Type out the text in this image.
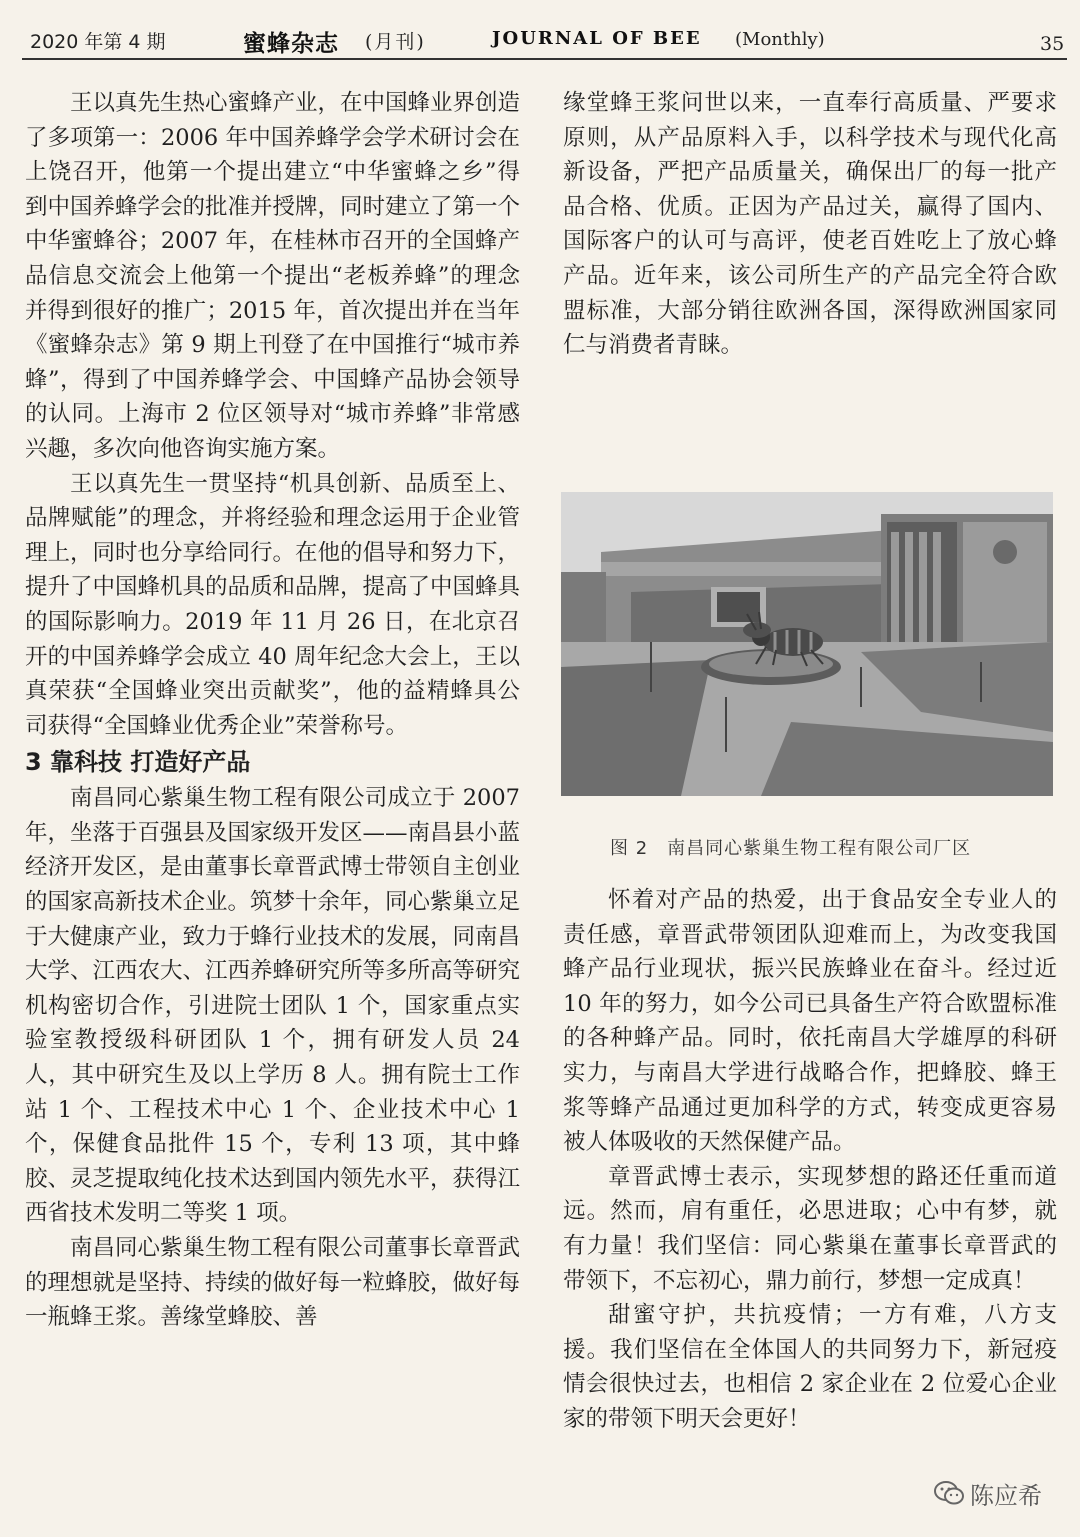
2020 年第 4 期	蜜蜂杂志 (月刊)	JOURNAL OF BEE (Monthly)	35

王以真先生热心蜜蜂产业，在中国蜂业界创造了多项第一：2006 年中国养蜂学会学术研讨会在上饶召开，他第一个提出建立“中华蜜蜂之乡”得到中国养蜂学会的批准并授牌，同时建立了第一个中华蜜蜂谷；2007 年，在桂林市召开的全国蜂产品信息交流会上他第一个提出“老板养蜂”的理念并得到很好的推广；2015 年，首次提出并在当年《蜜蜂杂志》第 9 期上刊登了在中国推行“城市养蜂”，得到了中国养蜂学会、中国蜂产品协会领导的认同。上海市 2 位区领导对“城市养蜂”非常感兴趣，多次向他咨询实施方案。

王以真先生一贯坚持“机具创新、品质至上、品牌赋能”的理念，并将经验和理念运用于企业管理上，同时也分享给同行。在他的倡导和努力下，提升了中国蜂机具的品质和品牌，提高了中国蜂具的国际影响力。2019 年 11 月 26 日，在北京召开的中国养蜂学会成立 40 周年纪念大会上，王以真荣获“全国蜂业突出贡献奖”，他的益精蜂具公司获得“全国蜂业优秀企业”荣誉称号。

3 靠科技 打造好产品

南昌同心紫巢生物工程有限公司成立于 2007 年，坐落于百强县及国家级开发区——南昌县小蓝经济开发区，是由董事长章晋武博士带领自主创业的国家高新技术企业。筑梦十余年，同心紫巢立足于大健康产业，致力于蜂行业技术的发展，同南昌大学、江西农大、江西养蜂研究所等多所高等研究机构密切合作，引进院士团队 1 个，国家重点实验室教授级科研团队 1 个，拥有研发人员 24 人，其中研究生及以上学历 8 人。拥有院士工作站 1 个、工程技术中心 1 个、企业技术中心 1 个，保健食品批件 15 个，专利 13 项，其中蜂胶、灵芝提取纯化技术达到国内领先水平，获得江西省技术发明二等奖 1 项。

南昌同心紫巢生物工程有限公司董事长章晋武的理想就是坚持、持续的做好每一粒蜂胶，做好每一瓶蜂王浆。善缘堂蜂胶、善

缘堂蜂王浆问世以来，一直奉行高质量、严要求原则，从产品原料入手，以科学技术与现代化高新设备，严把产品质量关，确保出厂的每一批产品合格、优质。正因为产品过关，赢得了国内、国际客户的认可与高评，使老百姓吃上了放心蜂产品。近年来，该公司所生产的产品完全符合欧盟标准，大部分销往欧洲各国，深得欧洲国家同仁与消费者青睐。

图 2　南昌同心紫巢生物工程有限公司厂区

怀着对产品的热爱，出于食品安全专业人的责任感，章晋武带领团队迎难而上，为改变我国蜂产品行业现状，振兴民族蜂业在奋斗。经过近 10 年的努力，如今公司已具备生产符合欧盟标准的各种蜂产品。同时，依托南昌大学雄厚的科研实力，与南昌大学进行战略合作，把蜂胶、蜂王浆等蜂产品通过更加科学的方式，转变成更容易被人体吸收的天然保健产品。

章晋武博士表示，实现梦想的路还任重而道远。然而，肩有重任，必思进取；心中有梦，就有力量！我们坚信：同心紫巢在董事长章晋武的带领下，不忘初心，鼎力前行，梦想一定成真！

甜蜜守护，共抗疫情；一方有难，八方支援。我们坚信在全体国人的共同努力下，新冠疫情会很快过去，也相信 2 家企业在 2 位爱心企业家的带领下明天会更好！

陈应希
